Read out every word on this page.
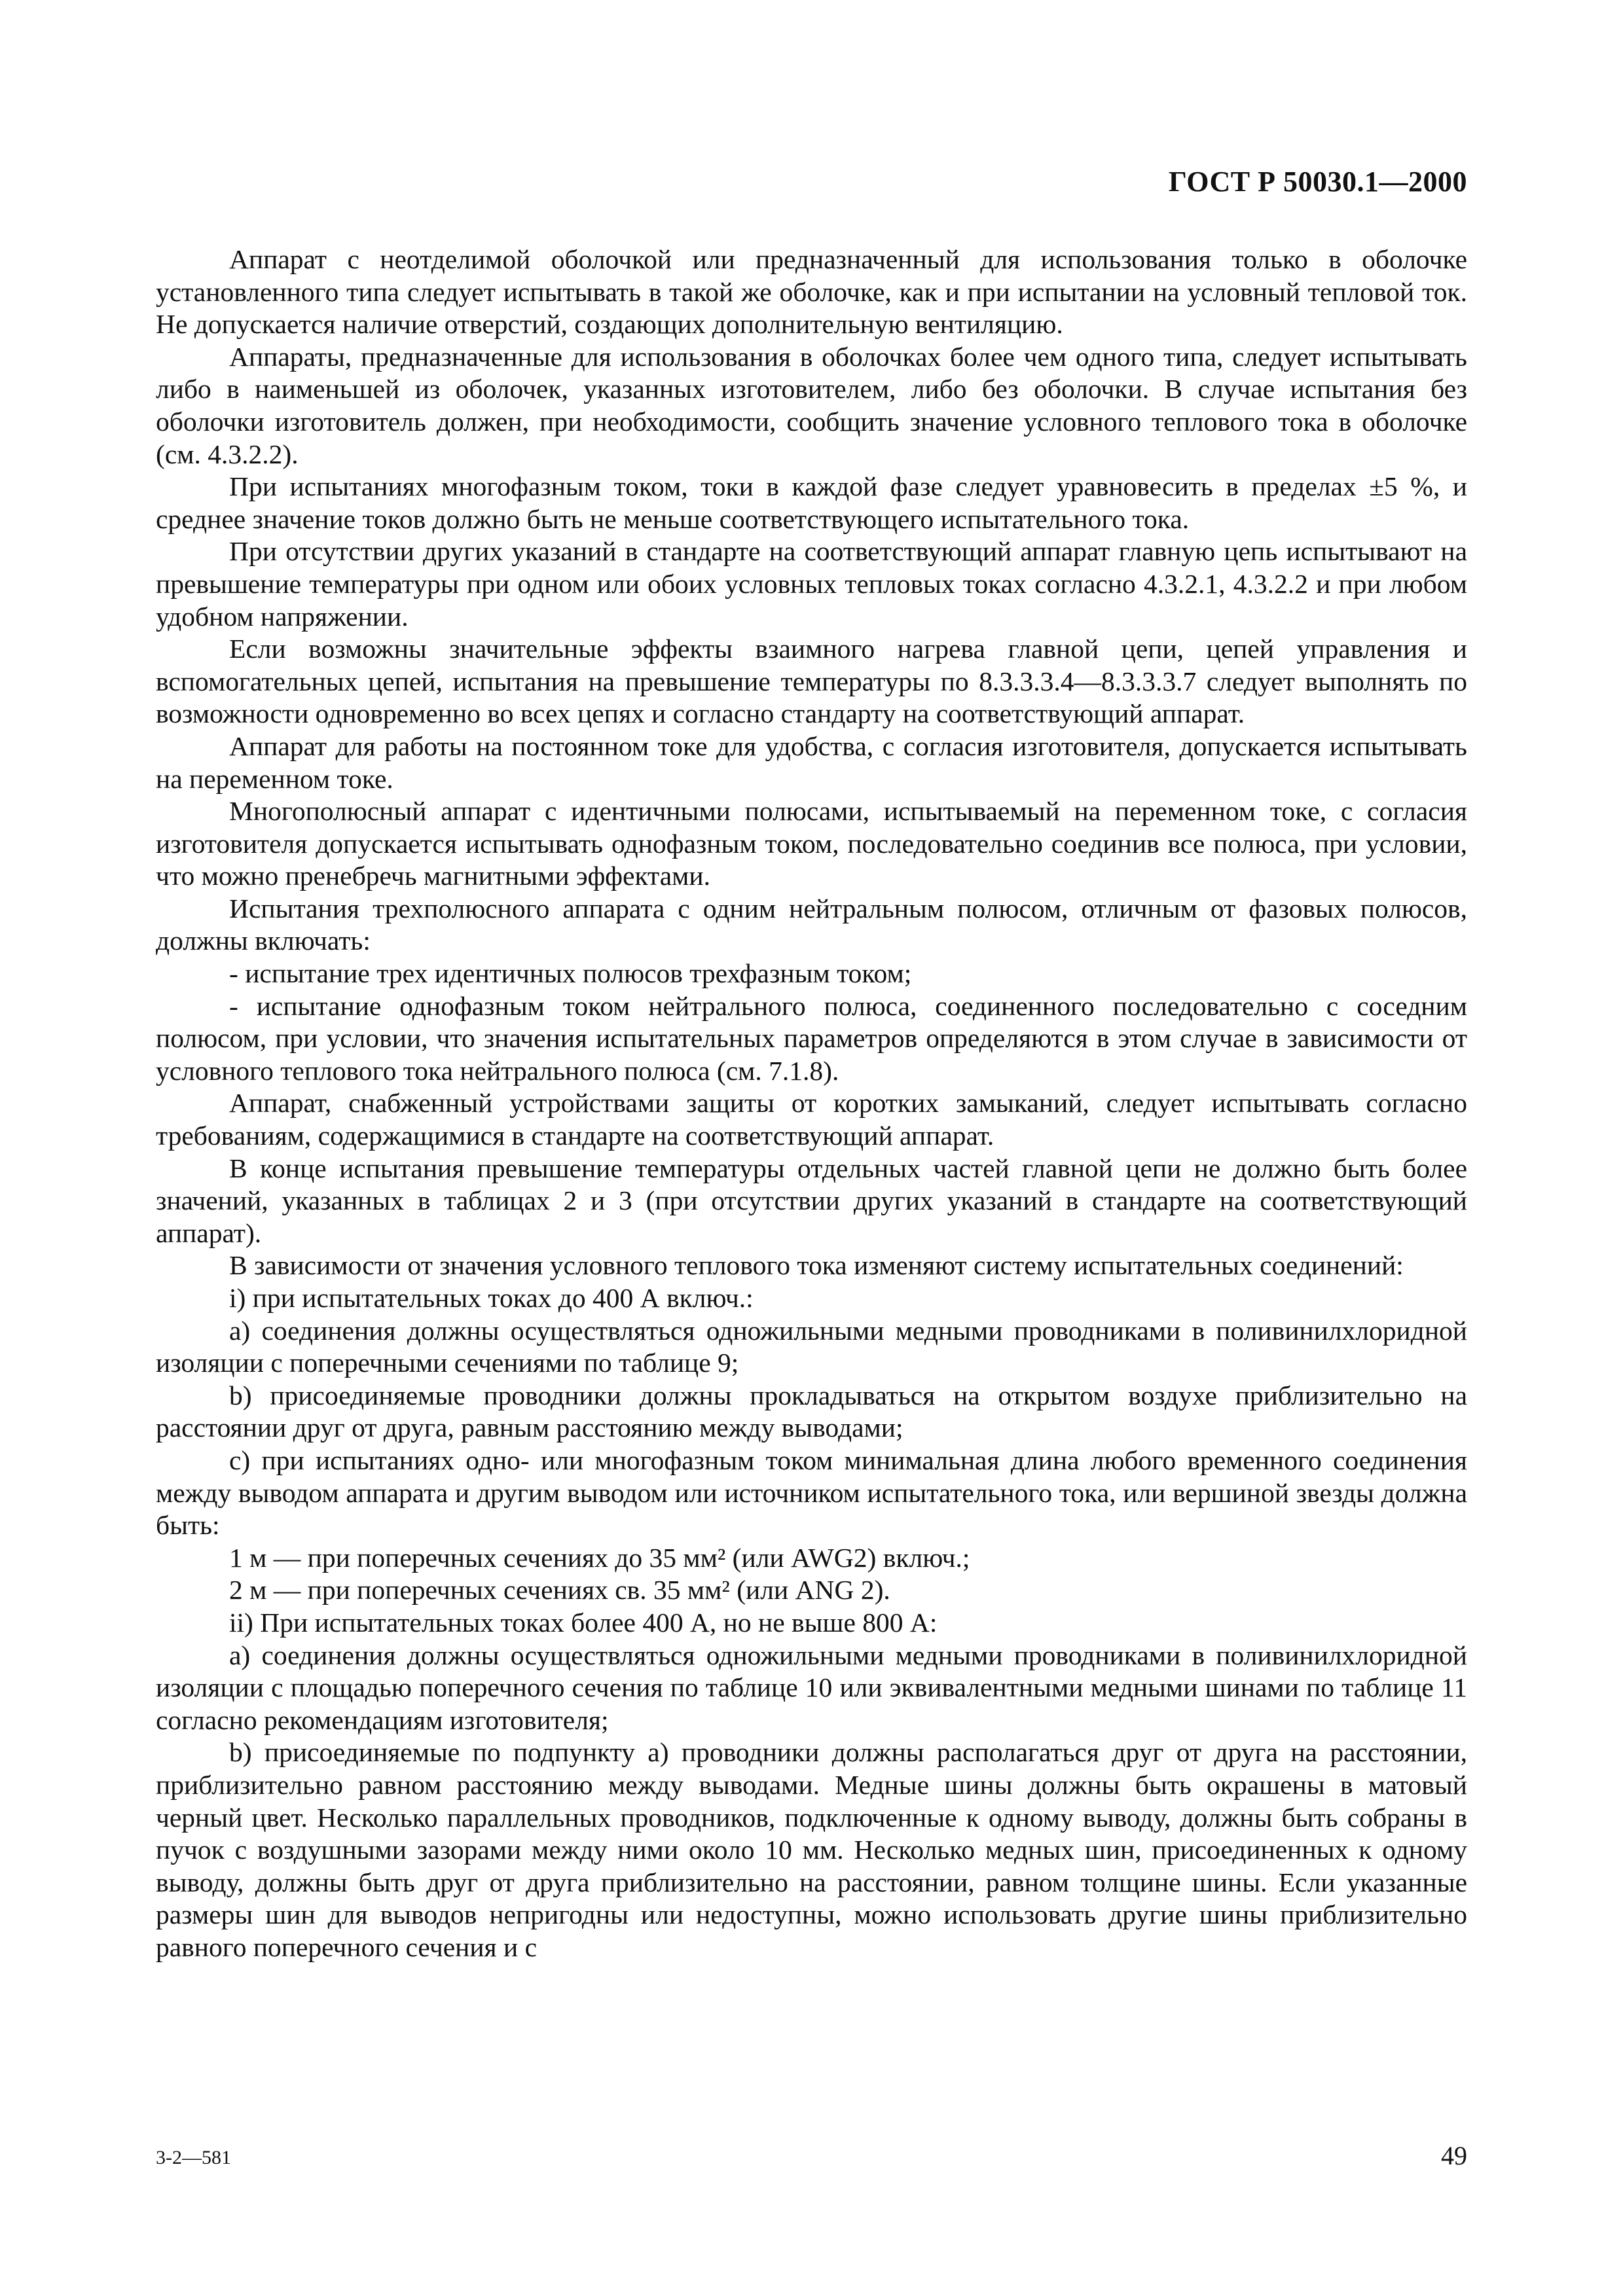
ГОСТ Р 50030.1—2000

Аппарат с неотделимой оболочкой или предназначенный для использования только в оболочке установленного типа следует испытывать в такой же оболочке, как и при испытании на условный тепловой ток. Не допускается наличие отверстий, создающих дополнительную вентиляцию.

Аппараты, предназначенные для использования в оболочках более чем одного типа, следует испытывать либо в наименьшей из оболочек, указанных изготовителем, либо без оболочки. В случае испытания без оболочки изготовитель должен, при необходимости, сообщить значение условного теплового тока в оболочке (см. 4.3.2.2).

При испытаниях многофазным током, токи в каждой фазе следует уравновесить в пределах ±5 %, и среднее значение токов должно быть не меньше соответствующего испытательного тока.

При отсутствии других указаний в стандарте на соответствующий аппарат главную цепь испытывают на превышение температуры при одном или обоих условных тепловых токах согласно 4.3.2.1, 4.3.2.2 и при любом удобном напряжении.

Если возможны значительные эффекты взаимного нагрева главной цепи, цепей управления и вспомогательных цепей, испытания на превышение температуры по 8.3.3.3.4—8.3.3.3.7 следует выполнять по возможности одновременно во всех цепях и согласно стандарту на соответствующий аппарат.

Аппарат для работы на постоянном токе для удобства, с согласия изготовителя, допускается испытывать на переменном токе.

Многополюсный аппарат с идентичными полюсами, испытываемый на переменном токе, с согласия изготовителя допускается испытывать однофазным током, последовательно соединив все полюса, при условии, что можно пренебречь магнитными эффектами.

Испытания трехполюсного аппарата с одним нейтральным полюсом, отличным от фазовых полюсов, должны включать:

- испытание трех идентичных полюсов трехфазным током;

- испытание однофазным током нейтрального полюса, соединенного последовательно с соседним полюсом, при условии, что значения испытательных параметров определяются в этом случае в зависимости от условного теплового тока нейтрального полюса (см. 7.1.8).

Аппарат, снабженный устройствами защиты от коротких замыканий, следует испытывать согласно требованиям, содержащимися в стандарте на соответствующий аппарат.

В конце испытания превышение температуры отдельных частей главной цепи не должно быть более значений, указанных в таблицах 2 и 3 (при отсутствии других указаний в стандарте на соответствующий аппарат).

В зависимости от значения условного теплового тока изменяют систему испытательных соединений:

i) при испытательных токах до 400 А включ.:

a) соединения должны осуществляться одножильными медными проводниками в поливинилхлоридной изоляции с поперечными сечениями по таблице 9;

b) присоединяемые проводники должны прокладываться на открытом воздухе приблизительно на расстоянии друг от друга, равным расстоянию между выводами;

c) при испытаниях одно- или многофазным током минимальная длина любого временного соединения между выводом аппарата и другим выводом или источником испытательного тока, или вершиной звезды должна быть:

1 м — при поперечных сечениях до 35 мм² (или AWG2) включ.;

2 м — при поперечных сечениях св. 35 мм² (или ANG 2).

ii) При испытательных токах более 400 А, но не выше 800 А:

a) соединения должны осуществляться одножильными медными проводниками в поливинилхлоридной изоляции с площадью поперечного сечения по таблице 10 или эквивалентными медными шинами по таблице 11 согласно рекомендациям изготовителя;

b) присоединяемые по подпункту а) проводники должны располагаться друг от друга на расстоянии, приблизительно равном расстоянию между выводами. Медные шины должны быть окрашены в матовый черный цвет. Несколько параллельных проводников, подключенные к одному выводу, должны быть собраны в пучок с воздушными зазорами между ними около 10 мм. Несколько медных шин, присоединенных к одному выводу, должны быть друг от друга приблизительно на расстоянии, равном толщине шины. Если указанные размеры шин для выводов непригодны или недоступны, можно использовать другие шины приблизительно равного поперечного сечения и с

3-2—581	49
